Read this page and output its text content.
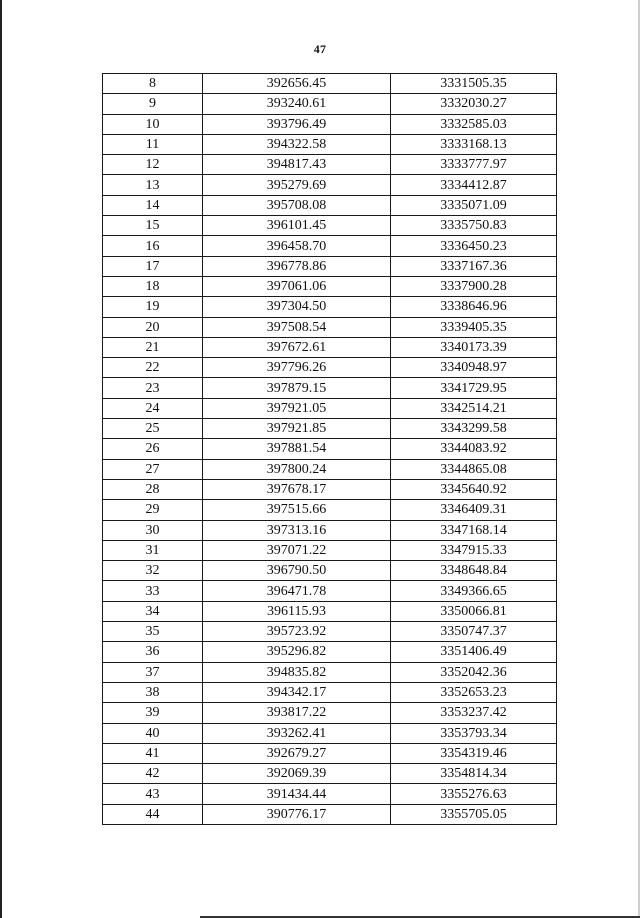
47
8	392656.45	3331505.35
9	393240.61	3332030.27
10	393796.49	3332585.03
11	394322.58	3333168.13
12	394817.43	3333777.97
13	395279.69	3334412.87
14	395708.08	3335071.09
15	396101.45	3335750.83
16	396458.70	3336450.23
17	396778.86	3337167.36
18	397061.06	3337900.28
19	397304.50	3338646.96
20	397508.54	3339405.35
21	397672.61	3340173.39
22	397796.26	3340948.97
23	397879.15	3341729.95
24	397921.05	3342514.21
25	397921.85	3343299.58
26	397881.54	3344083.92
27	397800.24	3344865.08
28	397678.17	3345640.92
29	397515.66	3346409.31
30	397313.16	3347168.14
31	397071.22	3347915.33
32	396790.50	3348648.84
33	396471.78	3349366.65
34	396115.93	3350066.81
35	395723.92	3350747.37
36	395296.82	3351406.49
37	394835.82	3352042.36
38	394342.17	3352653.23
39	393817.22	3353237.42
40	393262.41	3353793.34
41	392679.27	3354319.46
42	392069.39	3354814.34
43	391434.44	3355276.63
44	390776.17	3355705.05
